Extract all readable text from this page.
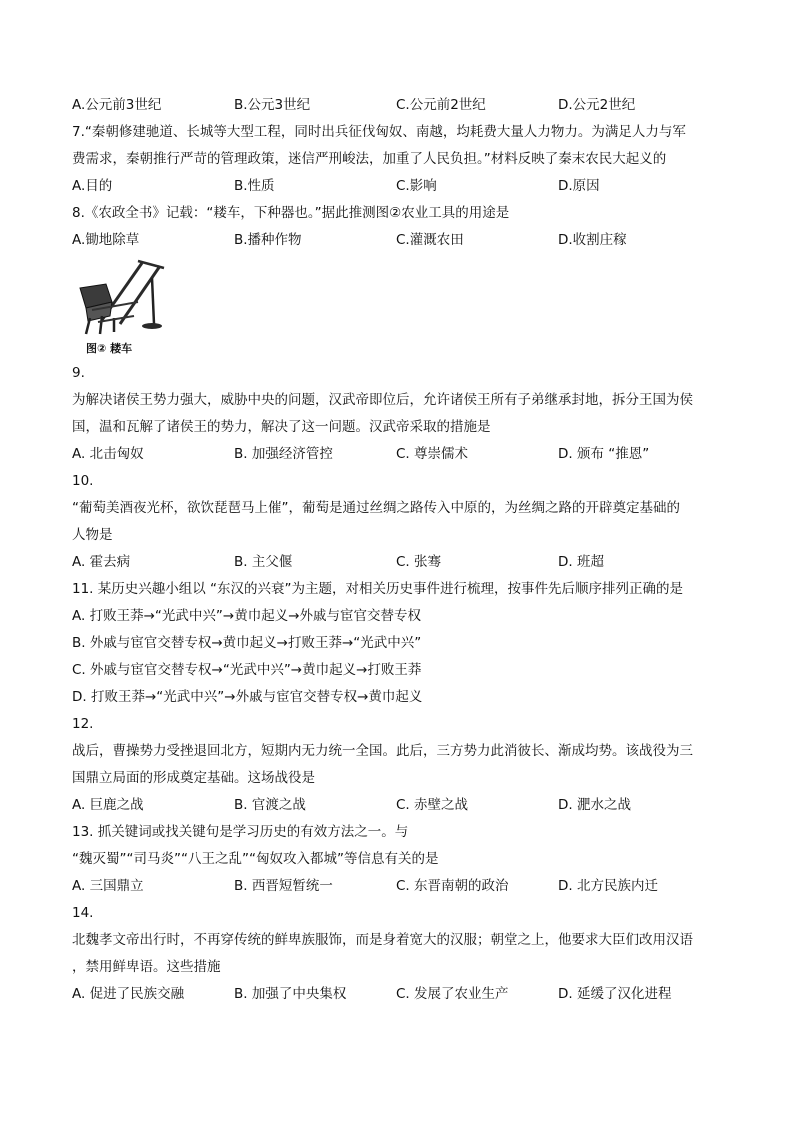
A.公元前3世纪	B.公元3世纪	C.公元前2世纪	D.公元2世纪
7.“秦朝修建驰道、长城等大型工程，同时出兵征伐匈奴、南越，均耗费大量人力物力。为满足人力与军
费需求，秦朝推行严苛的管理政策，迷信严刑峻法，加重了人民负担。”材料反映了秦末农民大起义的
A.目的	B.性质	C.影响	D.原因
8.《农政全书》记载：“耧车，下种器也。”据此推测图②农业工具的用途是
A.锄地除草	B.播种作物	C.灌溉农田	D.收割庄稼
图② 耧车
9.
为解决诸侯王势力强大，威胁中央的问题，汉武帝即位后，允许诸侯王所有子弟继承封地，拆分王国为侯
国，温和瓦解了诸侯王的势力，解决了这一问题。汉武帝采取的措施是
A. 北击匈奴	B. 加强经济管控	C. 尊崇儒术	D. 颁布 “推恩”
10.
“葡萄美酒夜光杯，欲饮琵琶马上催”，葡萄是通过丝绸之路传入中原的，为丝绸之路的开辟奠定基础的
人物是
A. 霍去病	B. 主父偃	C. 张骞	D. 班超
11. 某历史兴趣小组以 “东汉的兴衰”为主题，对相关历史事件进行梳理，按事件先后顺序排列正确的是
A. 打败王莽→“光武中兴”→黄巾起义→外戚与宦官交替专权
B. 外戚与宦官交替专权→黄巾起义→打败王莽→“光武中兴”
C. 外戚与宦官交替专权→“光武中兴”→黄巾起义→打败王莽
D. 打败王莽→“光武中兴”→外戚与宦官交替专权→黄巾起义
12.
战后，曹操势力受挫退回北方，短期内无力统一全国。此后，三方势力此消彼长、渐成均势。该战役为三
国鼎立局面的形成奠定基础。这场战役是
A. 巨鹿之战	B. 官渡之战	C. 赤壁之战	D. 淝水之战
13. 抓关键词或找关键句是学习历史的有效方法之一。与
“魏灭蜀”“司马炎”“八王之乱”“匈奴攻入都城”等信息有关的是
A. 三国鼎立	B. 西晋短暂统一	C. 东晋南朝的政治	D. 北方民族内迁
14.
北魏孝文帝出行时，不再穿传统的鲜卑族服饰，而是身着宽大的汉服；朝堂之上，他要求大臣们改用汉语
，禁用鲜卑语。这些措施
A. 促进了民族交融	B. 加强了中央集权	C. 发展了农业生产	D. 延缓了汉化进程
